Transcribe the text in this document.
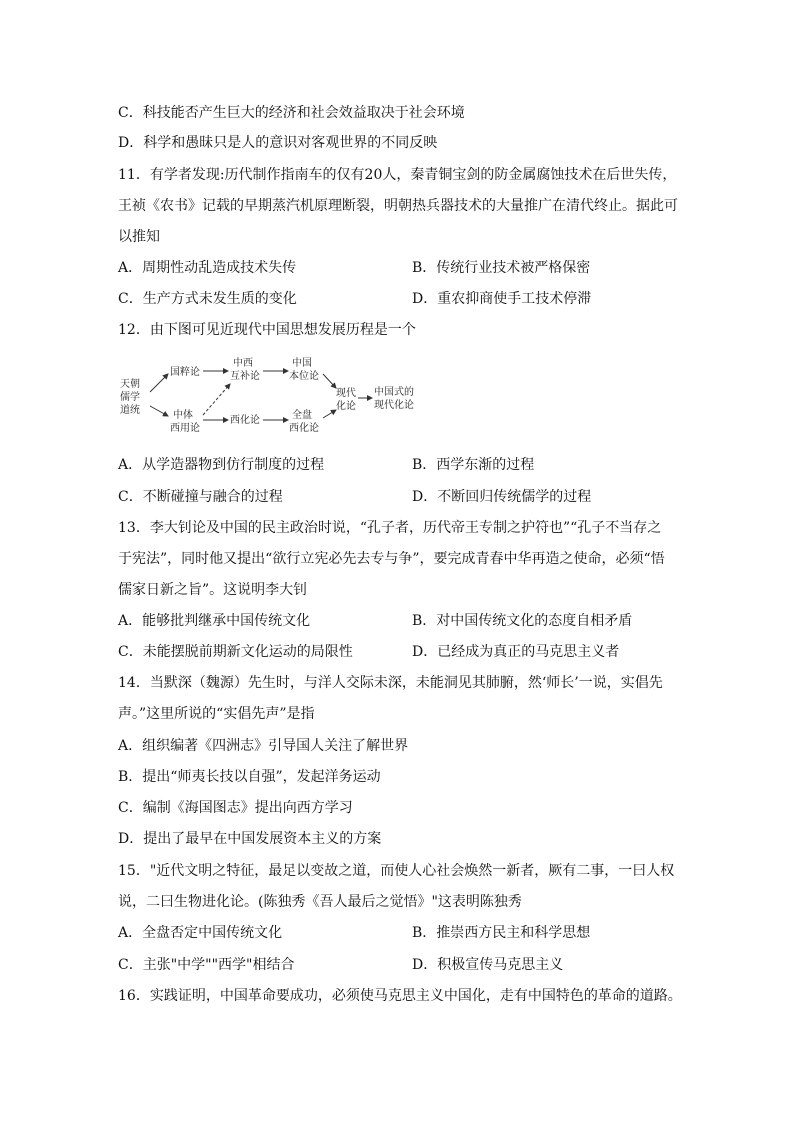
C．科技能否产生巨大的经济和社会效益取决于社会环境
D．科学和愚昧只是人的意识对客观世界的不同反映
11．有学者发现:历代制作指南车的仅有20人，秦青铜宝剑的防金属腐蚀技术在后世失传，
王祯《农书》记载的早期蒸汽机原理断裂，明朝热兵器技术的大量推广在清代终止。据此可
以推知
A．周期性动乱造成技术失传	B．传统行业技术被严格保密
C．生产方式未发生质的变化	D．重农抑商使手工技术停滞
12．由下图可见近现代中国思想发展历程是一个
天朝
儒学
道统
国粹论
中西
互补论
中国
本位论
中体
西用论
西化论	全盘
西化论
现代
化论
中国式的
现代化论
A．从学造器物到仿行制度的过程	B．西学东渐的过程
C．不断碰撞与融合的过程	D．不断回归传统儒学的过程
13．李大钊论及中国的民主政治时说，“孔子者，历代帝王专制之护符也”“孔子不当存之
于宪法”，同时他又提出“欲行立宪必先去专与争”，要完成青春中华再造之使命，必须“悟
儒家日新之旨”。这说明李大钊
A．能够批判继承中国传统文化	B．对中国传统文化的态度自相矛盾
C．未能摆脱前期新文化运动的局限性	D．已经成为真正的马克思主义者
14．当默深（魏源）先生时，与洋人交际未深，未能洞见其肺腑，然‘师长’一说，实倡先
声。”这里所说的“实倡先声”是指
A．组织编著《四洲志》引导国人关注了解世界
B．提出“师夷长技以自强”，发起洋务运动
C．编制《海国图志》提出向西方学习
D．提出了最早在中国发展资本主义的方案
15．"近代文明之特征，最足以变故之道，而使人心社会焕然一新者，厥有二事，一曰人权
说，二曰生物进化论。(陈独秀《吾人最后之觉悟》"这表明陈独秀
A．全盘否定中国传统文化	B．推崇西方民主和科学思想
C．主张"中学""西学"相结合	D．积极宣传马克思主义
16．实践证明，中国革命要成功，必须使马克思主义中国化，走有中国特色的革命的道路。
